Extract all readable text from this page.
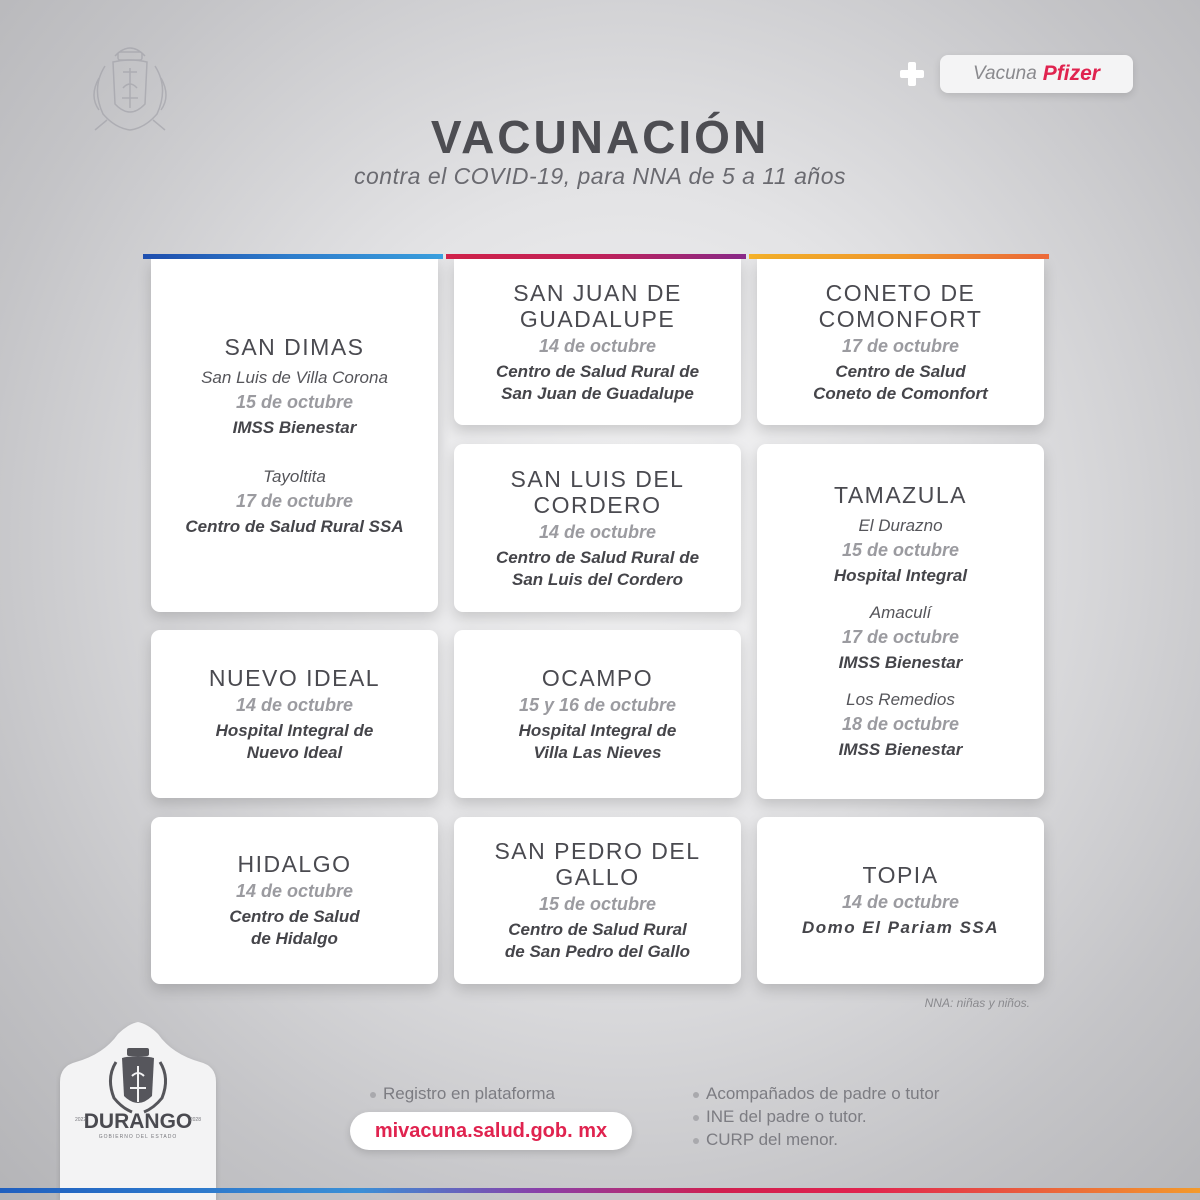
Vacuna Pfizer
VACUNACIÓN
contra el COVID-19, para NNA de 5 a 11 años
SAN DIMAS
San Luis de Villa Corona
15 de octubre
IMSS Bienestar
Tayoltita
17 de octubre
Centro de Salud Rural SSA
SAN JUAN DE
GUADALUPE
14 de octubre
Centro de Salud Rural de
San Juan de Guadalupe
CONETO DE
COMONFORT
17 de octubre
Centro de Salud
Coneto de Comonfort
SAN LUIS DEL
CORDERO
14 de octubre
Centro de Salud Rural de
San Luis del Cordero
TAMAZULA
El Durazno
15 de octubre
Hospital Integral
Amaculí
17 de octubre
IMSS Bienestar
Los Remedios
18 de octubre
IMSS Bienestar
NUEVO IDEAL
14 de octubre
Hospital Integral de
Nuevo Ideal
OCAMPO
15 y 16 de octubre
Hospital Integral de
Villa Las Nieves
HIDALGO
14 de octubre
Centro de Salud
de Hidalgo
SAN PEDRO DEL
GALLO
15 de octubre
Centro de Salud Rural
de San Pedro del Gallo
TOPIA
14 de octubre
Domo El Pariam SSA
NNA: niñas y niños.
DURANGO
2022	2028
GOBIERNO DEL ESTADO
Registro en plataforma
mivacuna.salud.gob. mx
Acompañados de padre o tutor
INE del padre o tutor.
CURP del menor.
